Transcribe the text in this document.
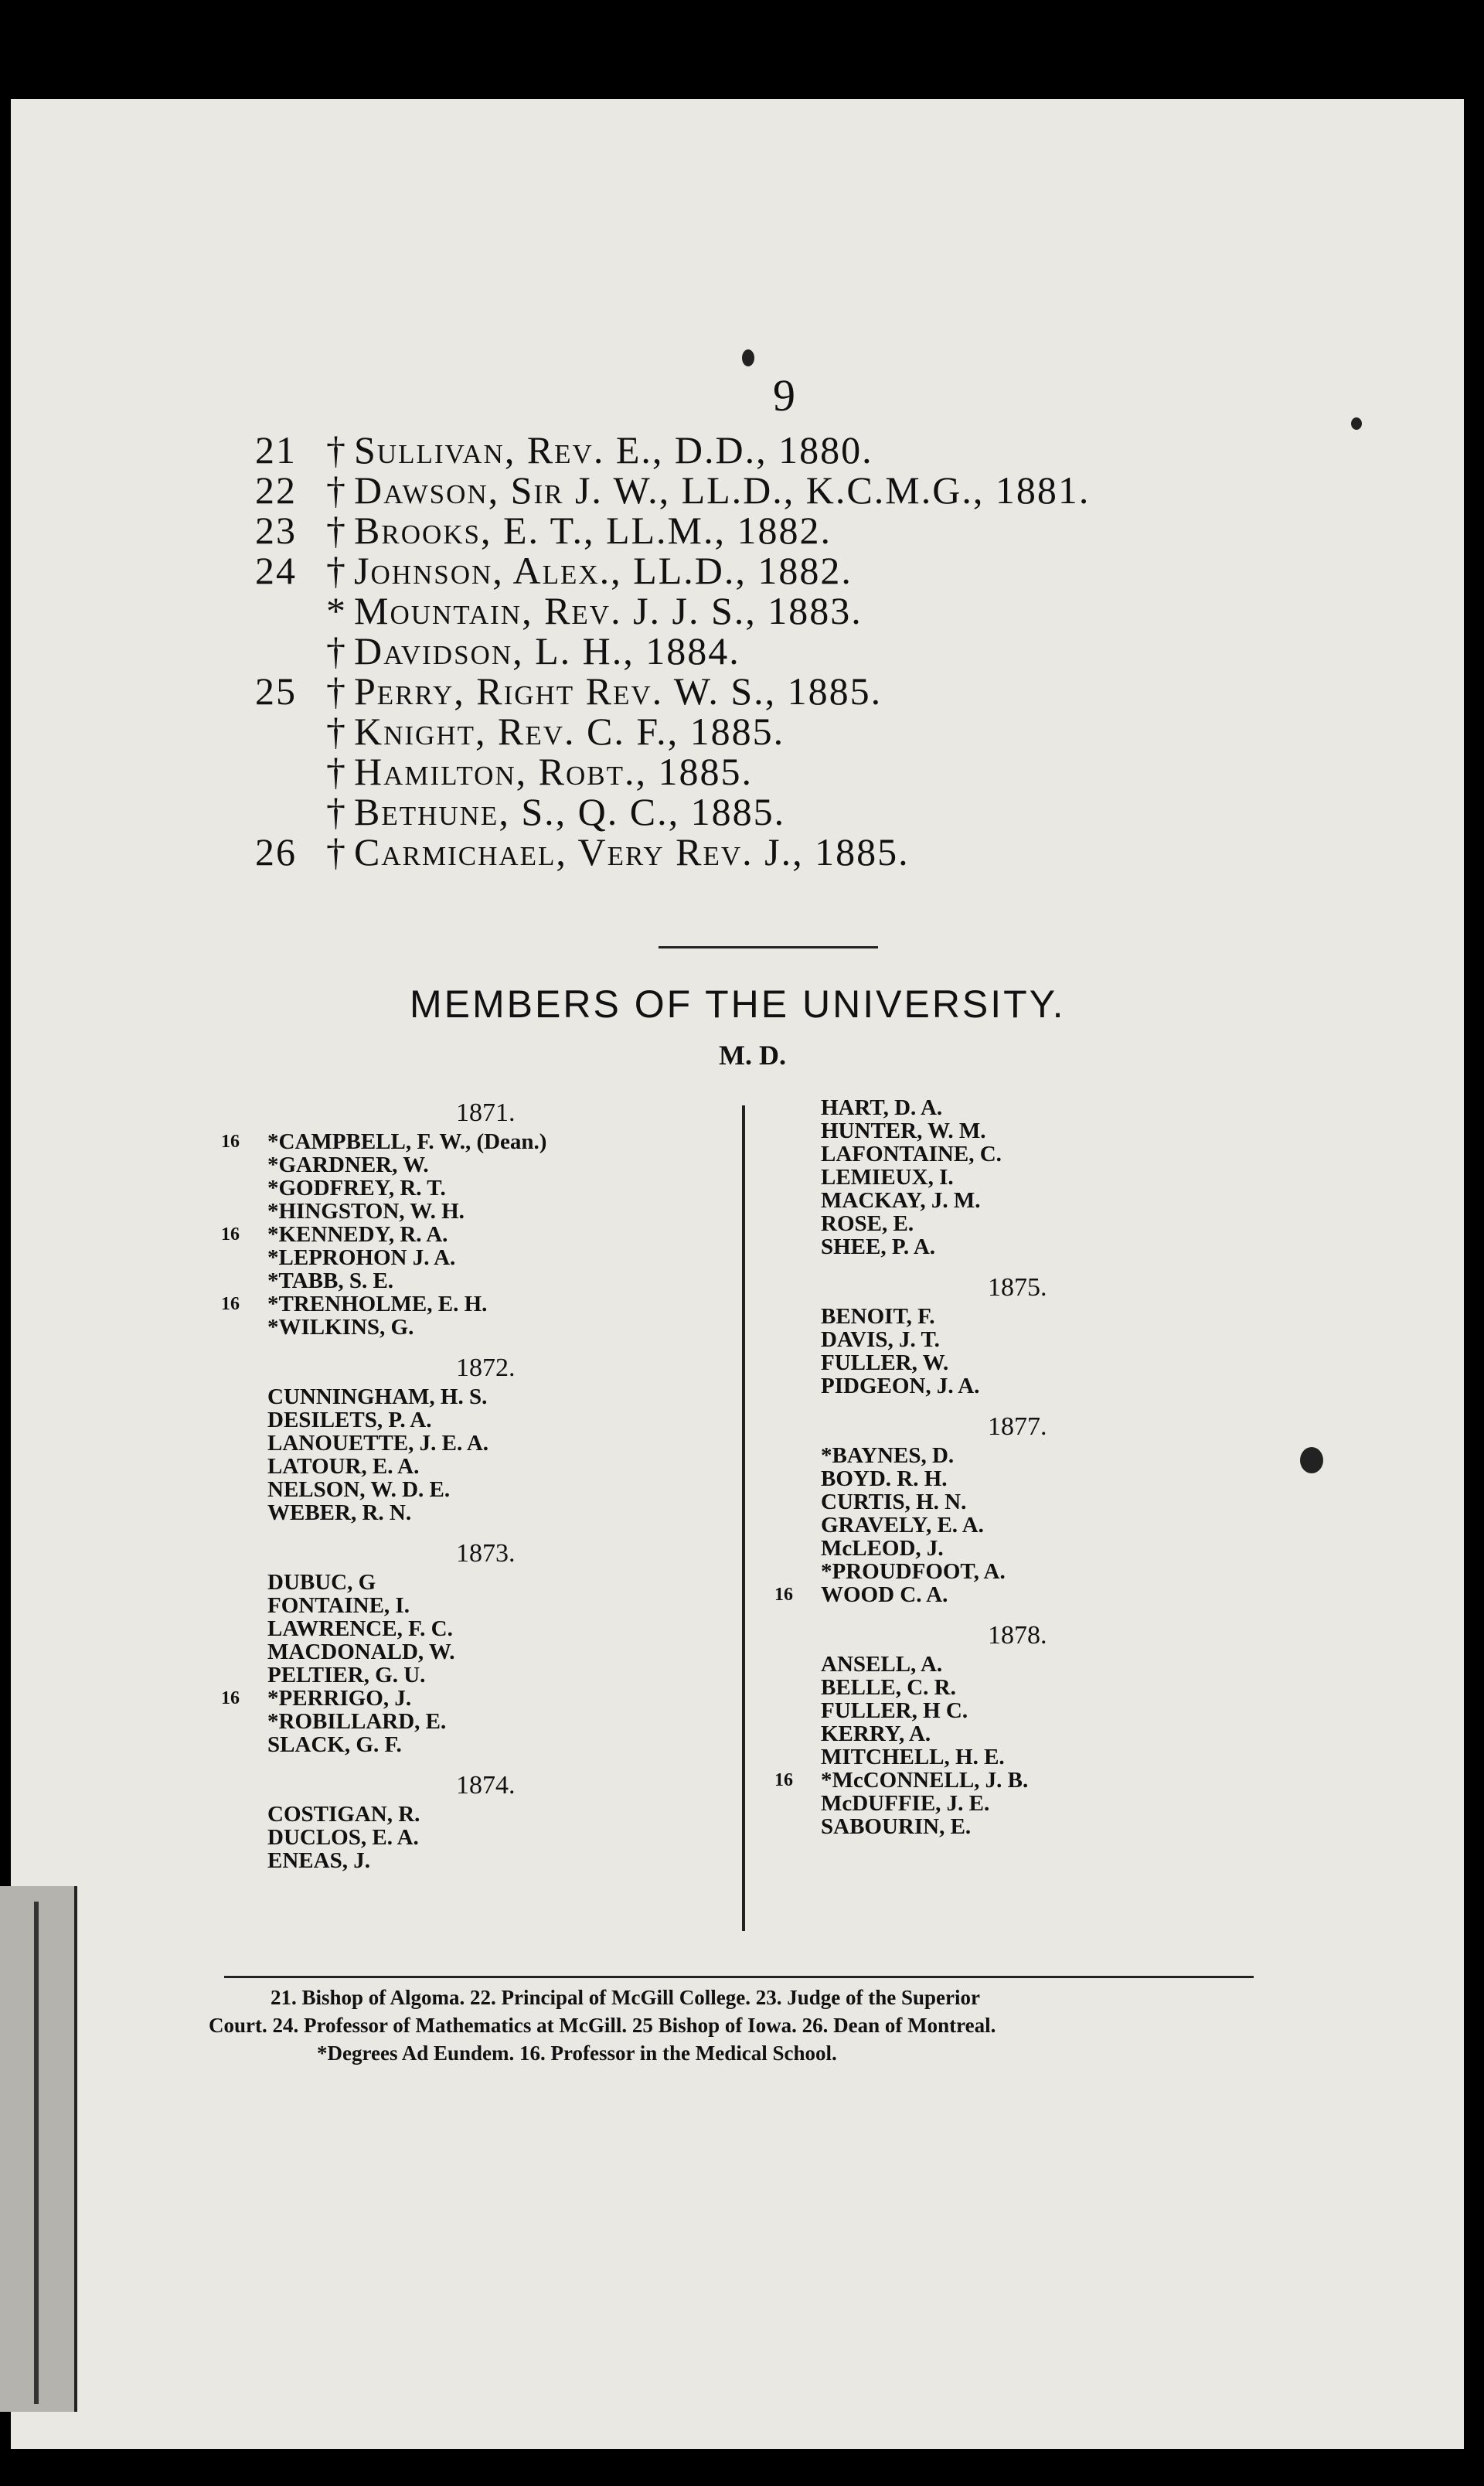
9
21 † Sullivan, Rev. E., D.D., 1880.
22 † Dawson, Sir J. W., LL.D., K.C.M.G., 1881.
23 † Brooks, E. T., LL.M., 1882.
24 † Johnson, Alex., LL.D., 1882.
* Mountain, Rev. J. J. S., 1883.
† Davidson, L. H., 1884.
25 † Perry, Right Rev. W. S., 1885.
† Knight, Rev. C. F., 1885.
† Hamilton, Robt., 1885.
† Bethune, S., Q. C., 1885.
26 † Carmichael, Very Rev. J., 1885.
MEMBERS OF THE UNIVERSITY.
M. D.
1871.
16	*CAMPBELL, F. W., (Dean.)
*GARDNER, W.
*GODFREY, R. T.
*HINGSTON, W. H.
16	*KENNEDY, R. A.
*LEPROHON J. A.
*TABB, S. E.
16	*TRENHOLME, E. H.
*WILKINS, G.
1872.
CUNNINGHAM, H. S.
DESILETS, P. A.
LANOUETTE, J. E. A.
LATOUR, E. A.
NELSON, W. D. E.
WEBER, R. N.
1873.
DUBUC, G
FONTAINE, I.
LAWRENCE, F. C.
MACDONALD, W.
PELTIER, G. U.
16	*PERRIGO, J.
*ROBILLARD, E.
SLACK, G. F.
1874.
COSTIGAN, R.
DUCLOS, E. A.
ENEAS, J.
HART, D. A.
HUNTER, W. M.
LAFONTAINE, C.
LEMIEUX, I.
MACKAY, J. M.
ROSE, E.
SHEE, P. A.
1875.
BENOIT, F.
DAVIS, J. T.
FULLER, W.
PIDGEON, J. A.
1877.
*BAYNES, D.
BOYD. R. H.
CURTIS, H. N.
GRAVELY, E. A.
McLEOD, J.
*PROUDFOOT, A.
16	WOOD C. A.
1878.
ANSELL, A.
BELLE, C. R.
FULLER, H C.
KERRY, A.
MITCHELL, H. E.
16	*McCONNELL, J. B.
McDUFFIE, J. E.
SABOURIN, E.
21. Bishop of Algoma. 22. Principal of McGill College. 23. Judge of the Superior
Court. 24. Professor of Mathematics at McGill. 25 Bishop of Iowa. 26. Dean of Montreal.
*Degrees Ad Eundem. 16. Professor in the Medical School.
